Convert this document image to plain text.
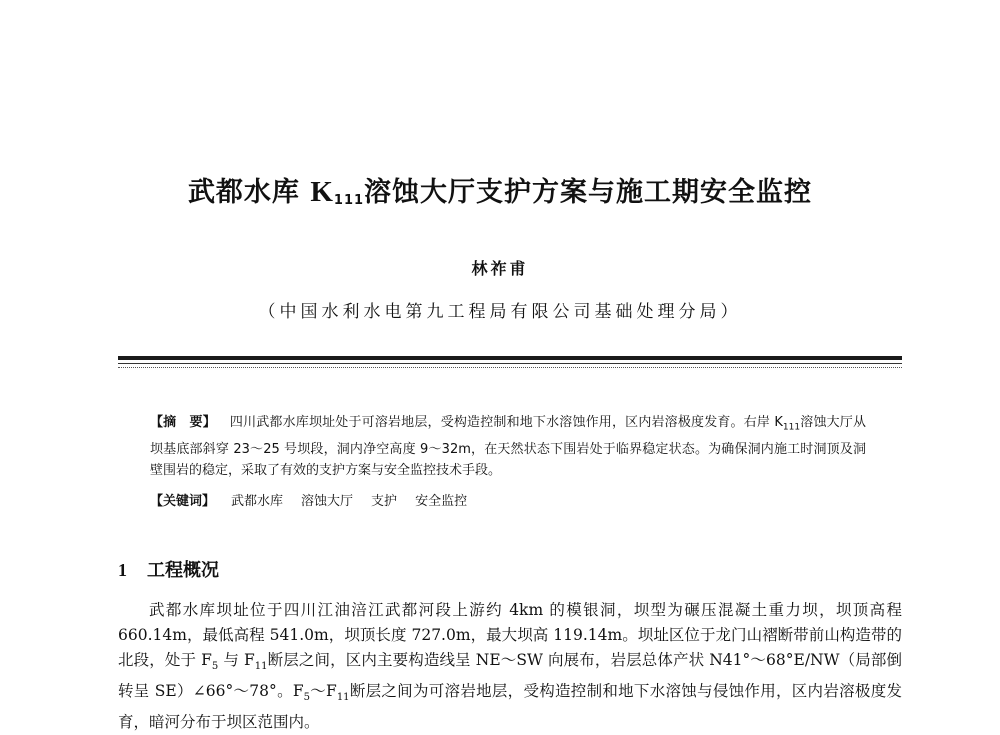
武都水库 $K_{111}$溶蚀大厅支护方案与施工期安全监控
林祚甫
（中国水利水电第九工程局有限公司基础处理分局）
【摘　要】 四川武都水库坝址处于可溶岩地层，受构造控制和地下水溶蚀作用，区内岩溶极度发育。右岸 $K_{111}$溶蚀大厅从坝基底部斜穿 23～25 号坝段，洞内净空高度 9～32m，在天然状态下围岩处于临界稳定状态。为确保洞内施工时洞顶及洞壁围岩的稳定，采取了有效的支护方案与安全监控技术手段。
【关键词】 武都水库 溶蚀大厅 支护 安全监控
1 工程概况

武都水库坝址位于四川江油涪江武都河段上游约 4km 的模银洞，坝型为碾压混凝土重力坝，坝顶高程 660.14m，最低高程 541.0m，坝顶长度 727.0m，最大坝高 119.14m。坝址区位于龙门山褶断带前山构造带的北段，处于 $F_5$ 与 $F_{11}$断层之间，区内主要构造线呈 NE～SW 向展布，岩层总体产状 N41°～68°E/NW（局部倒转呈 SE）∠66°～78°。$F_5\sim F_{11}$断层之间为可溶岩地层，受构造控制和地下水溶蚀与侵蚀作用，区内岩溶极度发育，暗河分布于坝区范围内。
